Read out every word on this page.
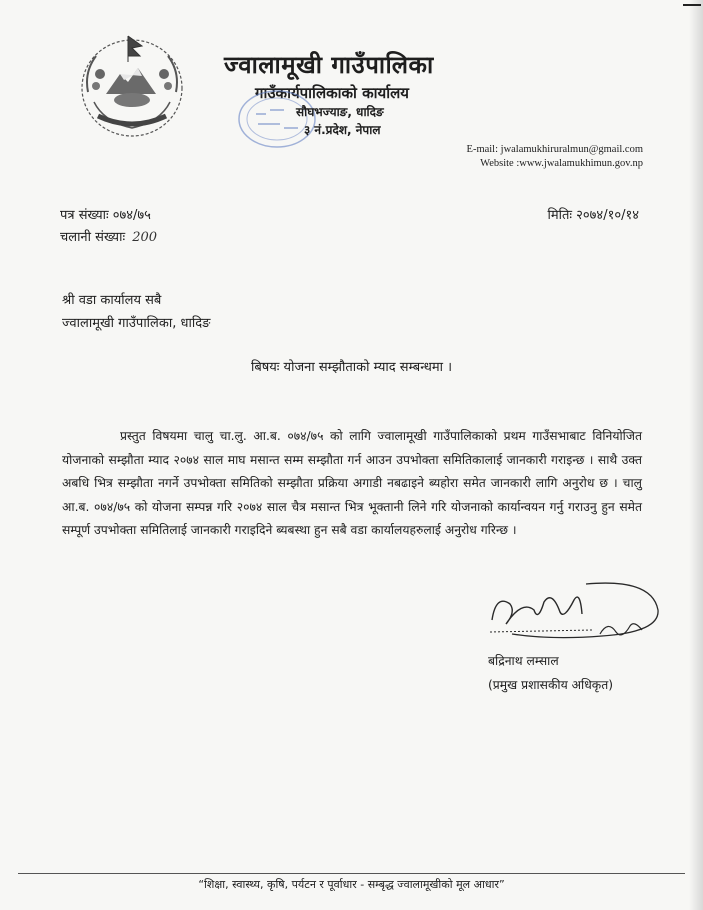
ज्वालामूखी गाउँपालिका
गाउँकार्यपालिकाको कार्यालय
सौघभज्याङ, धादिङ
३ नं.प्रदेश, नेपाल
E-mail: jwalamukhiruralmun@gmail.com
Website :www.jwalamukhimun.gov.np
पत्र संख्याः ०७४/७५
चलानी संख्याः 200
मितिः २०७४/१०/१४
श्री वडा कार्यालय सबै
ज्वालामूखी गाउँपालिका, धादिङ
बिषयः योजना सम्झौताको म्याद सम्बन्धमा ।
प्रस्तुत विषयमा चालु चा.लु. आ.ब. ०७४/७५ को लागि ज्वालामूखी गाउँपालिकाको प्रथम गाउँसभाबाट विनियोजित योजनाको सम्झौता म्याद २०७४ साल माघ मसान्त सम्म सम्झौता गर्न आउन उपभोक्ता समितिकालाई जानकारी गराइन्छ । साथै उक्त अबधि भित्र सम्झौता नगर्ने उपभोक्ता समितिको सम्झौता प्रक्रिया अगाडी नबढाइने ब्यहोरा समेत जानकारी लागि अनुरोध छ । चालु आ.ब. ०७४/७५ को योजना सम्पन्न गरि २०७४ साल चैत्र मसान्त भित्र भूक्तानी लिने गरि योजनाको कार्यान्वयन गर्नु गराउनु हुन समेत सम्पूर्ण उपभोक्ता समितिलाई जानकारी गराइदिने ब्यबस्था हुन सबै वडा कार्यालयहरुलाई अनुरोध गरिन्छ ।
बद्रिनाथ लम्साल
(प्रमुख प्रशासकीय अधिकृत)
“शिक्षा, स्वास्थ्य, कृषि, पर्यटन र पूर्वाधार - सम्बृद्ध ज्वालामूखीको मूल आधार”
